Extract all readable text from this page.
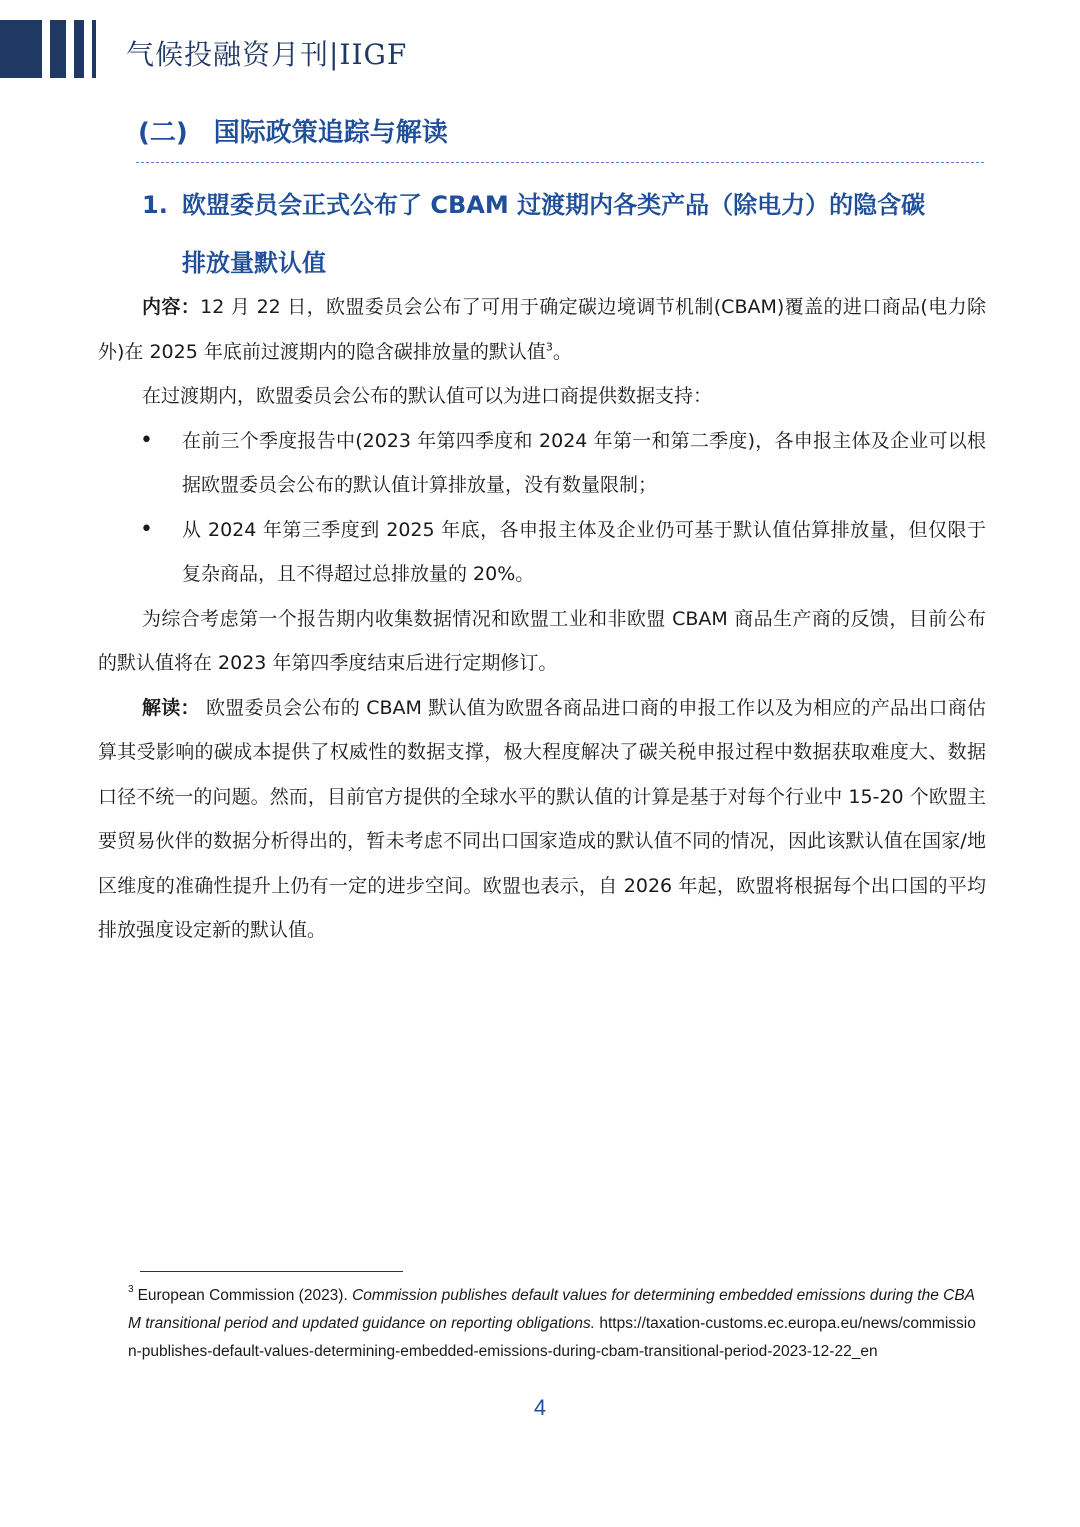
气候投融资月刊|IIGF
(二) 国际政策追踪与解读
1. 欧盟委员会正式公布了 CBAM 过渡期内各类产品（除电力）的隐含碳
排放量默认值

内容：12 月 22 日，欧盟委员会公布了可用于确定碳边境调节机制(CBAM)覆盖的进口商品(电力除外)在 2025 年底前过渡期内的隐含碳排放量的默认值$^3$。

在过渡期内，欧盟委员会公布的默认值可以为进口商提供数据支持：

• 在前三个季度报告中(2023 年第四季度和 2024 年第一和第二季度)，各申报主体及企业可以根据欧盟委员会公布的默认值计算排放量，没有数量限制；
• 从 2024 年第三季度到 2025 年底，各申报主体及企业仍可基于默认值估算排放量，但仅限于复杂商品，且不得超过总排放量的 20%。

为综合考虑第一个报告期内收集数据情况和欧盟工业和非欧盟 CBAM 商品生产商的反馈，目前公布的默认值将在 2023 年第四季度结束后进行定期修订。

解读： 欧盟委员会公布的 CBAM 默认值为欧盟各商品进口商的申报工作以及为相应的产品出口商估算其受影响的碳成本提供了权威性的数据支撑，极大程度解决了碳关税申报过程中数据获取难度大、数据口径不统一的问题。然而，目前官方提供的全球水平的默认值的计算是基于对每个行业中 15-20 个欧盟主要贸易伙伴的数据分析得出的，暂未考虑不同出口国家造成的默认值不同的情况，因此该默认值在国家/地区维度的准确性提升上仍有一定的进步空间。欧盟也表示，自 2026 年起，欧盟将根据每个出口国的平均排放强度设定新的默认值。

$^3$ European Commission (2023). Commission publishes default values for determining embedded emissions during the CBAM transitional period and updated guidance on reporting obligations. https://taxation-customs.ec.europa.eu/news/commission-publishes-default-values-determining-embedded-emissions-during-cbam-transitional-period-2023-12-22_en
4
